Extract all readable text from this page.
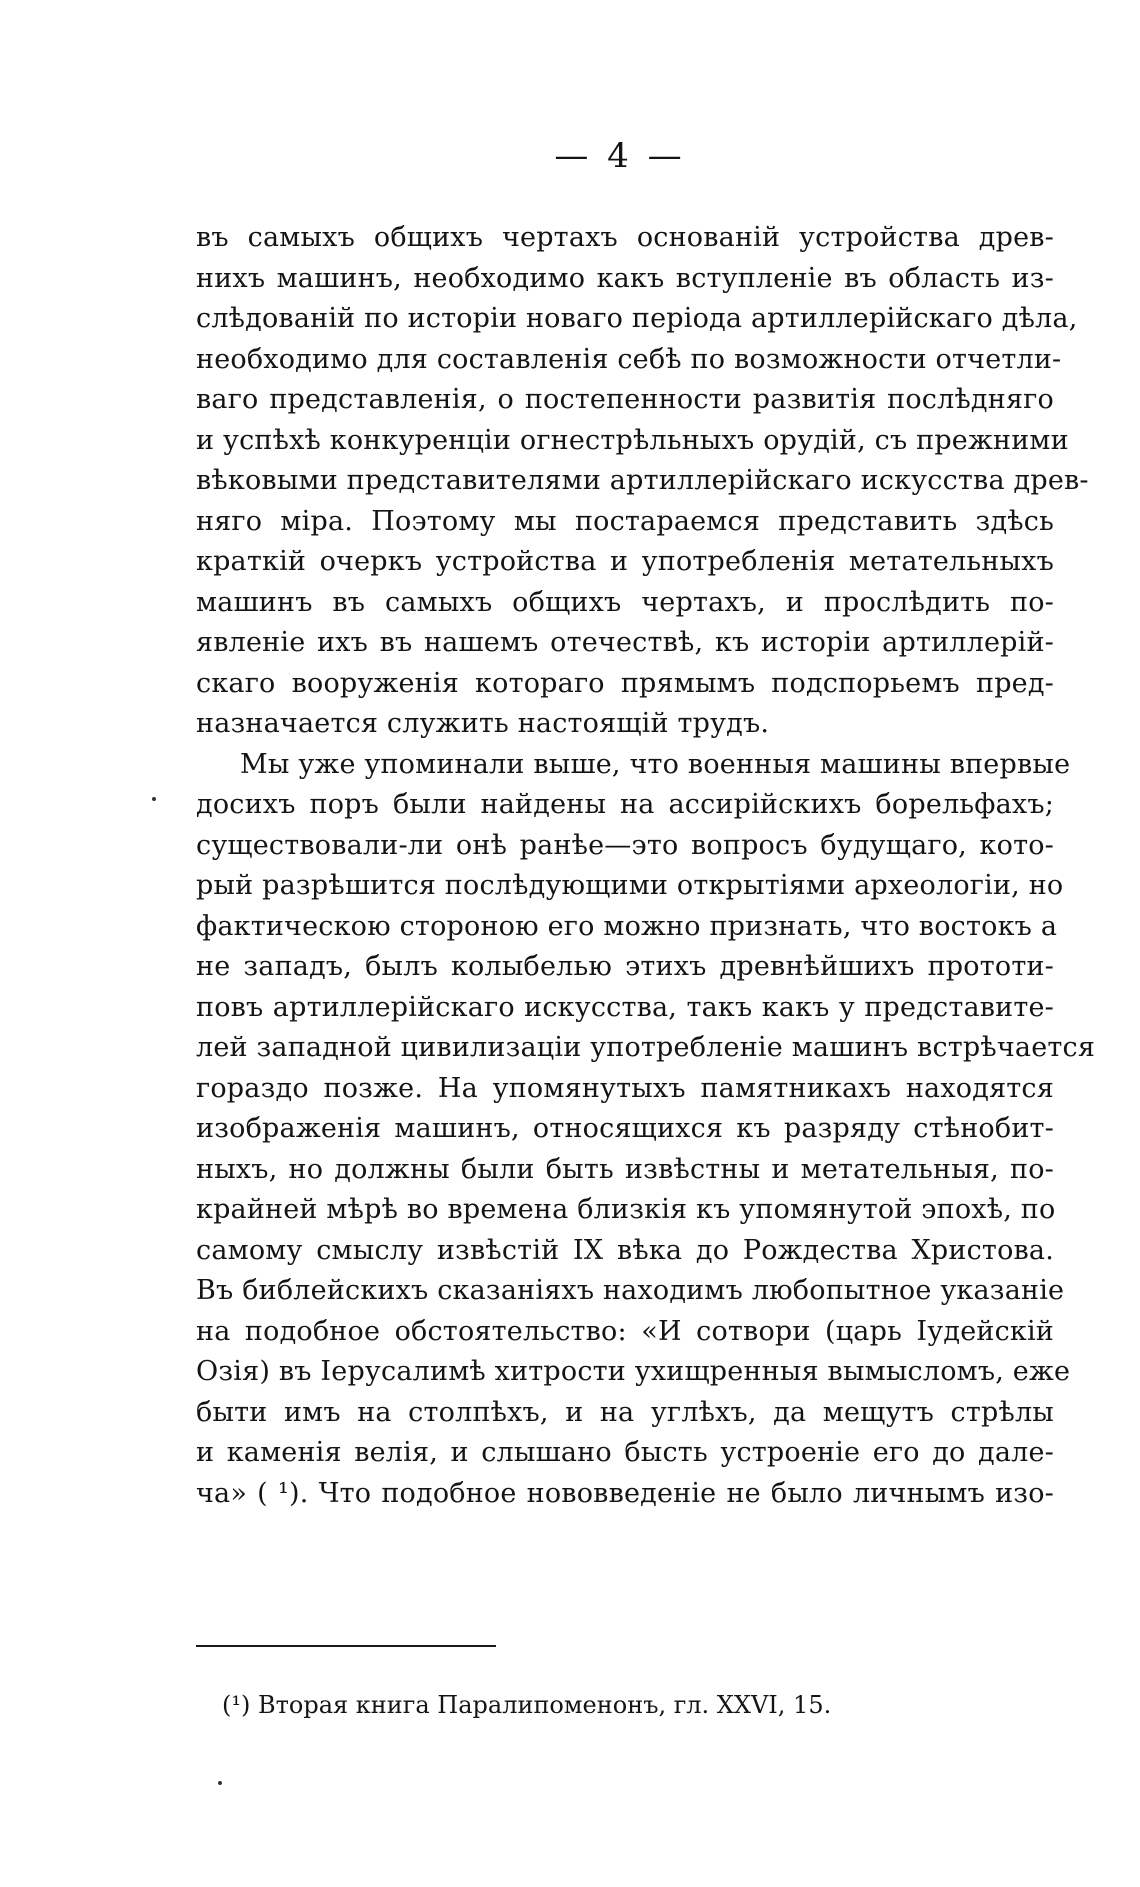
— 4 —
въ самыхъ общихъ чертахъ основаній устройства древ-
нихъ машинъ, необходимо какъ вступленіе въ область из-
слѣдованій по исторіи новаго періода артиллерійскаго дѣла,
необходимо для составленія себѣ по возможности отчетли-
ваго представленія, о постепенности развитія послѣдняго
и успѣхѣ конкуренціи огнестрѣльныхъ орудій, съ прежними
вѣковыми представителями артиллерійскаго искусства древ-
няго міра. Поэтому мы постараемся представить здѣсь
краткій очеркъ устройства и употребленія метательныхъ
машинъ въ самыхъ общихъ чертахъ, и прослѣдить по-
явленіе ихъ въ нашемъ отечествѣ, къ исторіи артиллерій-
скаго вооруженія котораго прямымъ подспорьемъ пред-
назначается служить настоящій трудъ.
Мы уже упоминали выше, что военныя машины впервые
досихъ поръ были найдены на ассирійскихъ борельфахъ;
существовали-ли онѣ ранѣе—это вопросъ будущаго, кото-
рый разрѣшится послѣдующими открытіями археологіи, но
фактическою стороною его можно признать, что востокъ а
не западъ, былъ колыбелью этихъ древнѣйшихъ прототи-
повъ артиллерійскаго искусства, такъ какъ у представите-
лей западной цивилизаціи употребленіе машинъ встрѣчается
гораздо позже. На упомянутыхъ памятникахъ находятся
изображенія машинъ, относящихся къ разряду стѣнобит-
ныхъ, но должны были быть извѣстны и метательныя, по-
крайней мѣрѣ во времена близкія къ упомянутой эпохѣ, по
самому смыслу извѣстій IX вѣка до Рождества Христова.
Въ библейскихъ сказаніяхъ находимъ любопытное указаніе
на подобное обстоятельство: «И сотвори (царь Іудейскій
Озія) въ Іерусалимѣ хитрости ухищренныя вымысломъ, еже
быти имъ на столпѣхъ, и на углѣхъ, да мещутъ стрѣлы
и каменія велія, и слышано бысть устроеніе его до дале-
ча» ( ¹). Что подобное нововведеніе не было личнымъ изо-
(¹) Вторая книга Паралипоменонъ, гл. XXVI, 15.
